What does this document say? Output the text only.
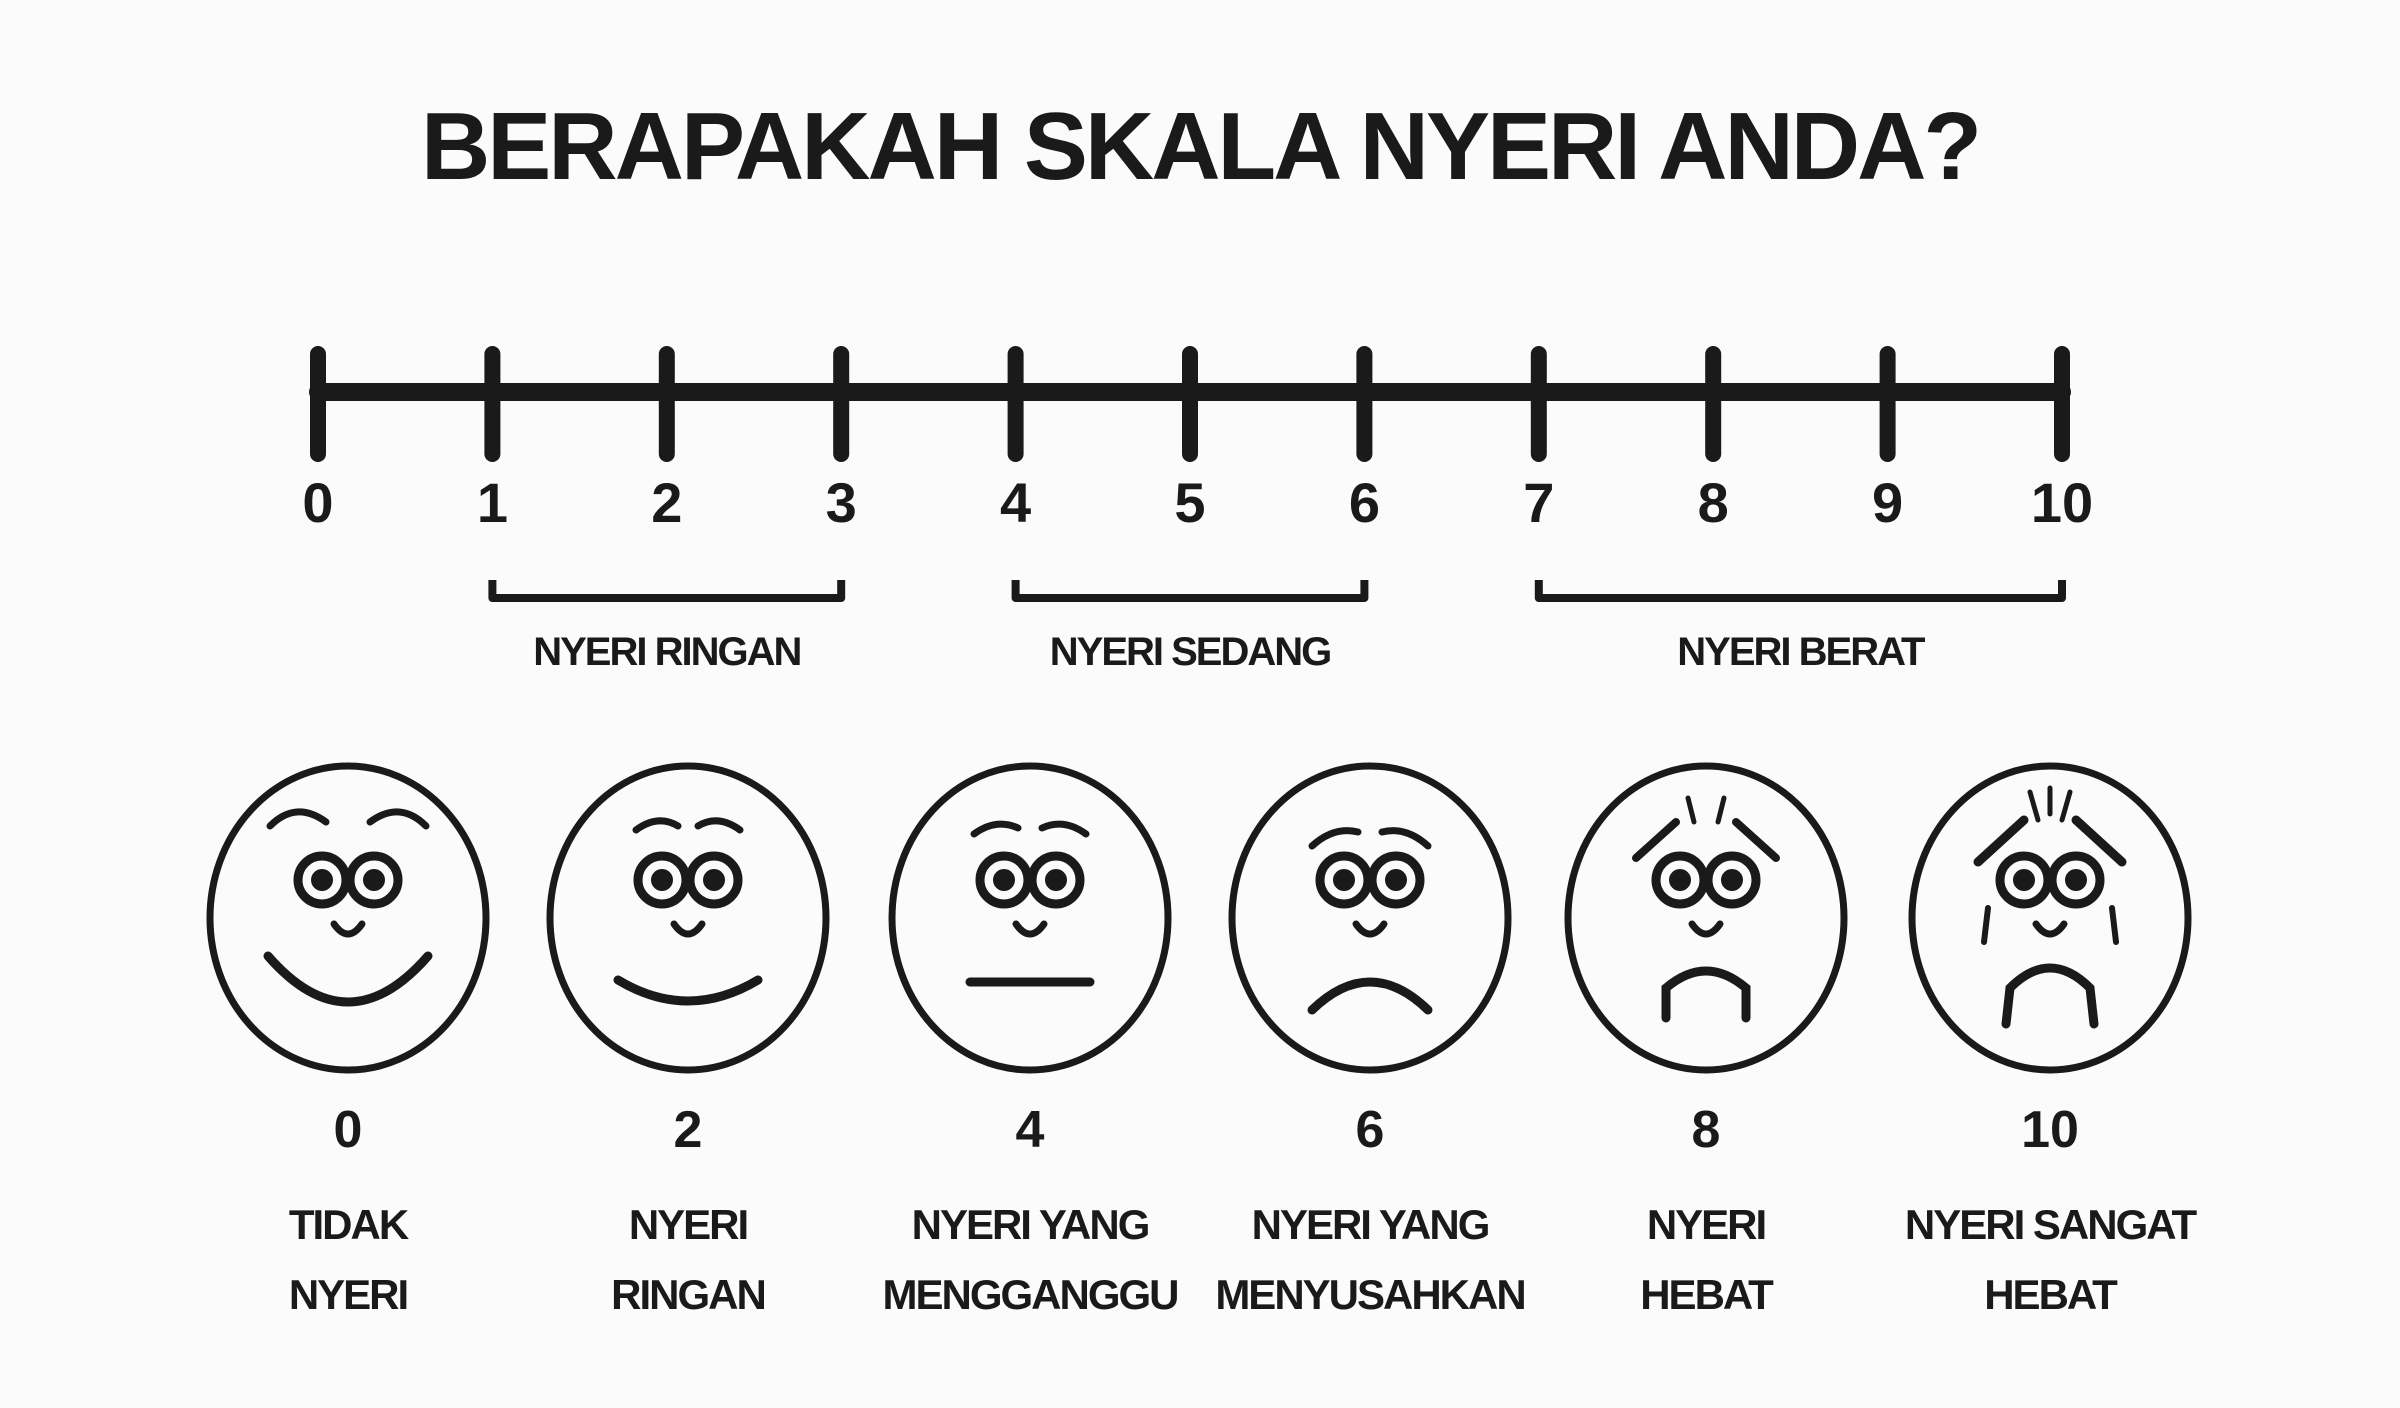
BERAPAKAH SKALA NYERI ANDA?
0	1	2	3	4	5	6	7	8	9	10
NYERI RINGAN	NYERI SEDANG	NYERI BERAT
0
TIDAK
NYERI
2
NYERI
RINGAN
4
NYERI YANG
MENGGANGGU
6
NYERI YANG
MENYUSAHKAN
8
NYERI
HEBAT
10
NYERI SANGAT
HEBAT
